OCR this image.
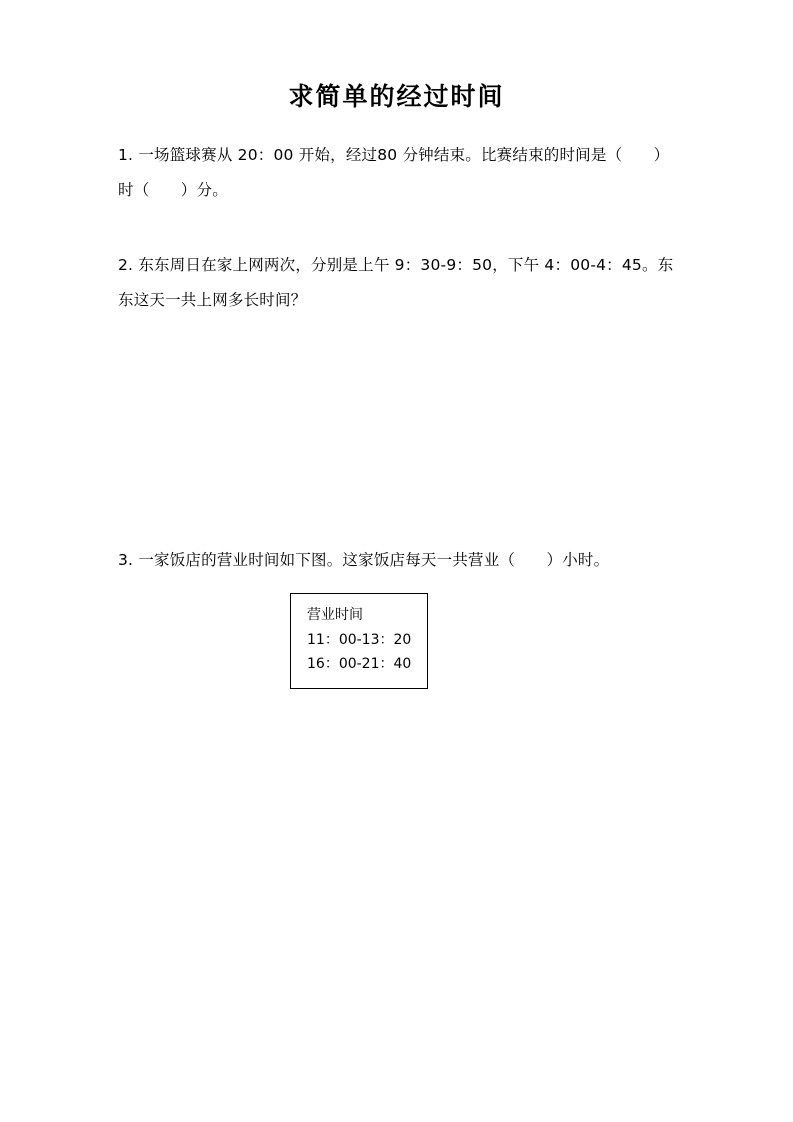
求简单的经过时间

1. 一场篮球赛从 20：00 开始，经过80 分钟结束。比赛结束的时间是（　　）时（　　）分。

2. 东东周日在家上网两次，分别是上午 9：30-9：50，下午 4：00-4：45。东东这天一共上网多长时间？

3. 一家饭店的营业时间如下图。这家饭店每天一共营业（　　）小时。

营业时间
11：00-13：20
16：00-21：40
